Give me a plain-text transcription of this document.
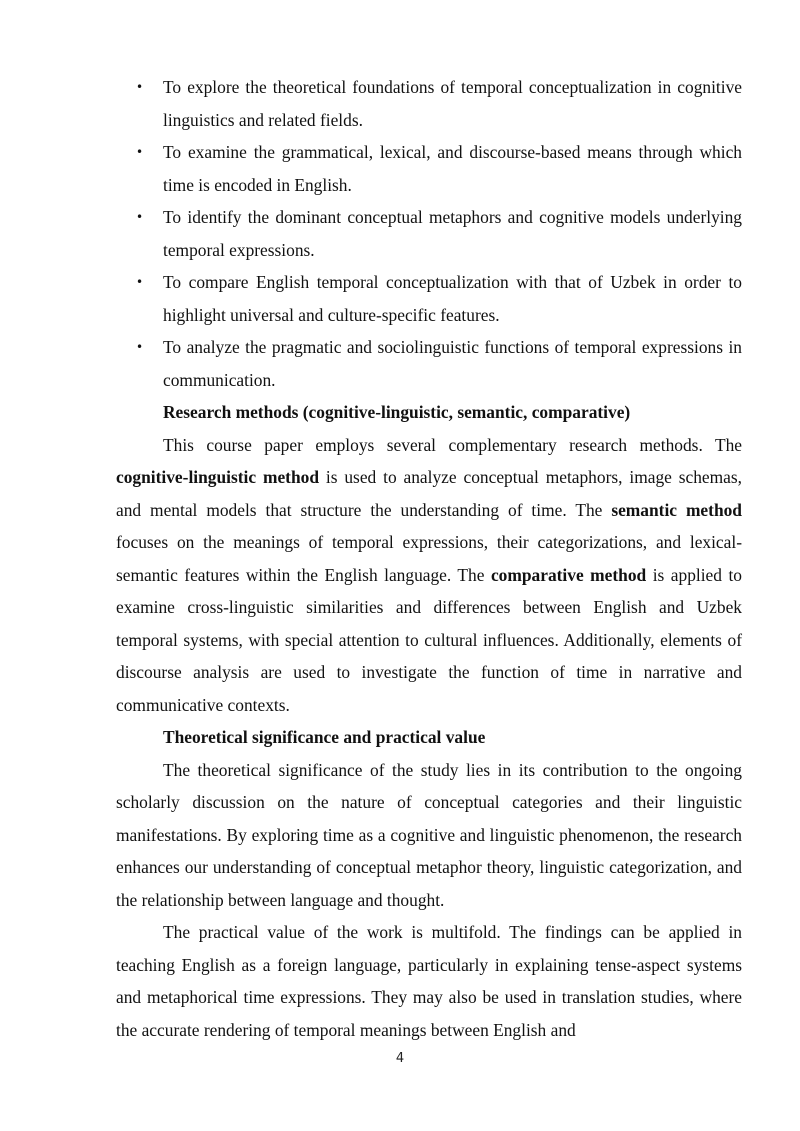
• To explore the theoretical foundations of temporal conceptualization in cognitive linguistics and related fields.
• To examine the grammatical, lexical, and discourse-based means through which time is encoded in English.
• To identify the dominant conceptual metaphors and cognitive models underlying temporal expressions.
• To compare English temporal conceptualization with that of Uzbek in order to highlight universal and culture-specific features.
• To analyze the pragmatic and sociolinguistic functions of temporal expressions in communication.

Research methods (cognitive-linguistic, semantic, comparative)

This course paper employs several complementary research methods. The cognitive-linguistic method is used to analyze conceptual metaphors, image schemas, and mental models that structure the understanding of time. The semantic method focuses on the meanings of temporal expressions, their categorizations, and lexical-semantic features within the English language. The comparative method is applied to examine cross-linguistic similarities and differences between English and Uzbek temporal systems, with special attention to cultural influences. Additionally, elements of discourse analysis are used to investigate the function of time in narrative and communicative contexts.

Theoretical significance and practical value

The theoretical significance of the study lies in its contribution to the ongoing scholarly discussion on the nature of conceptual categories and their linguistic manifestations. By exploring time as a cognitive and linguistic phenomenon, the research enhances our understanding of conceptual metaphor theory, linguistic categorization, and the relationship between language and thought.

The practical value of the work is multifold. The findings can be applied in teaching English as a foreign language, particularly in explaining tense-aspect systems and metaphorical time expressions. They may also be used in translation studies, where the accurate rendering of temporal meanings between English and

4
